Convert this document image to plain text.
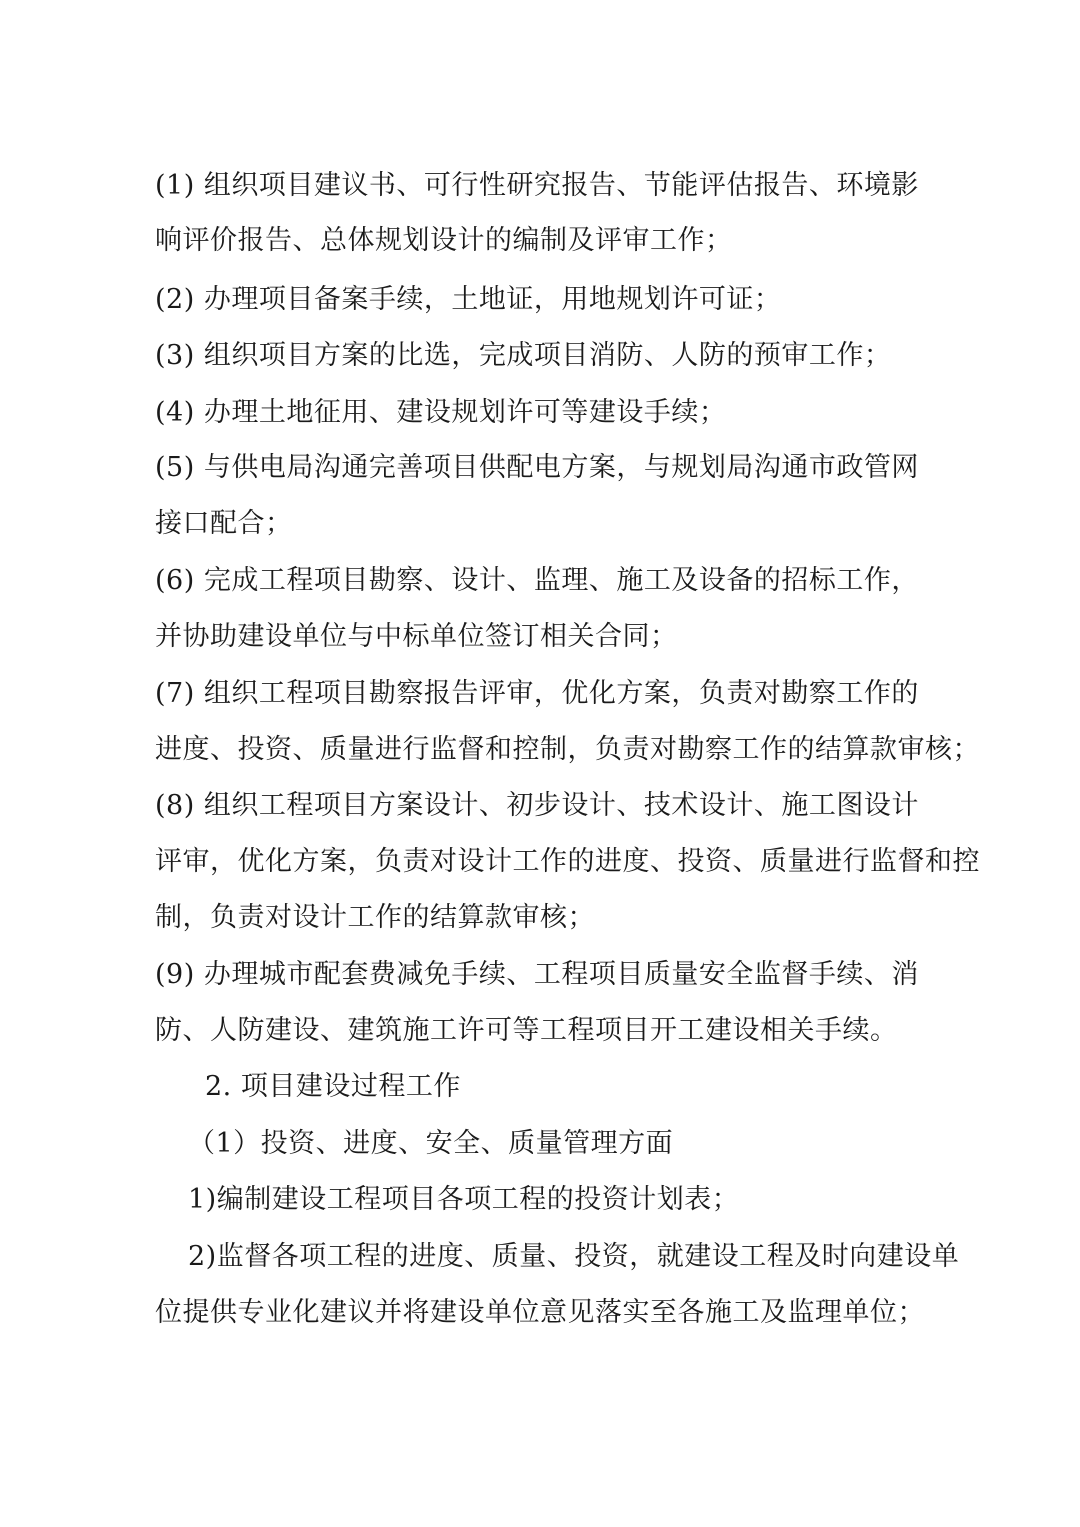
(1) 组织项目建议书、可行性研究报告、节能评估报告、环境影
响评价报告、总体规划设计的编制及评审工作；
(2) 办理项目备案手续，土地证，用地规划许可证；
(3) 组织项目方案的比选，完成项目消防、人防的预审工作；
(4) 办理土地征用、建设规划许可等建设手续；
(5) 与供电局沟通完善项目供配电方案，与规划局沟通市政管网
接口配合；
(6) 完成工程项目勘察、设计、监理、施工及设备的招标工作，
并协助建设单位与中标单位签订相关合同；
(7) 组织工程项目勘察报告评审，优化方案，负责对勘察工作的
进度、投资、质量进行监督和控制，负责对勘察工作的结算款审核；
(8) 组织工程项目方案设计、初步设计、技术设计、施工图设计
评审，优化方案，负责对设计工作的进度、投资、质量进行监督和控
制，负责对设计工作的结算款审核；
(9) 办理城市配套费减免手续、工程项目质量安全监督手续、消
防、人防建设、建筑施工许可等工程项目开工建设相关手续。
2. 项目建设过程工作
（1）投资、进度、安全、质量管理方面
1)编制建设工程项目各项工程的投资计划表；
2)监督各项工程的进度、质量、投资，就建设工程及时向建设单
位提供专业化建议并将建设单位意见落实至各施工及监理单位；
